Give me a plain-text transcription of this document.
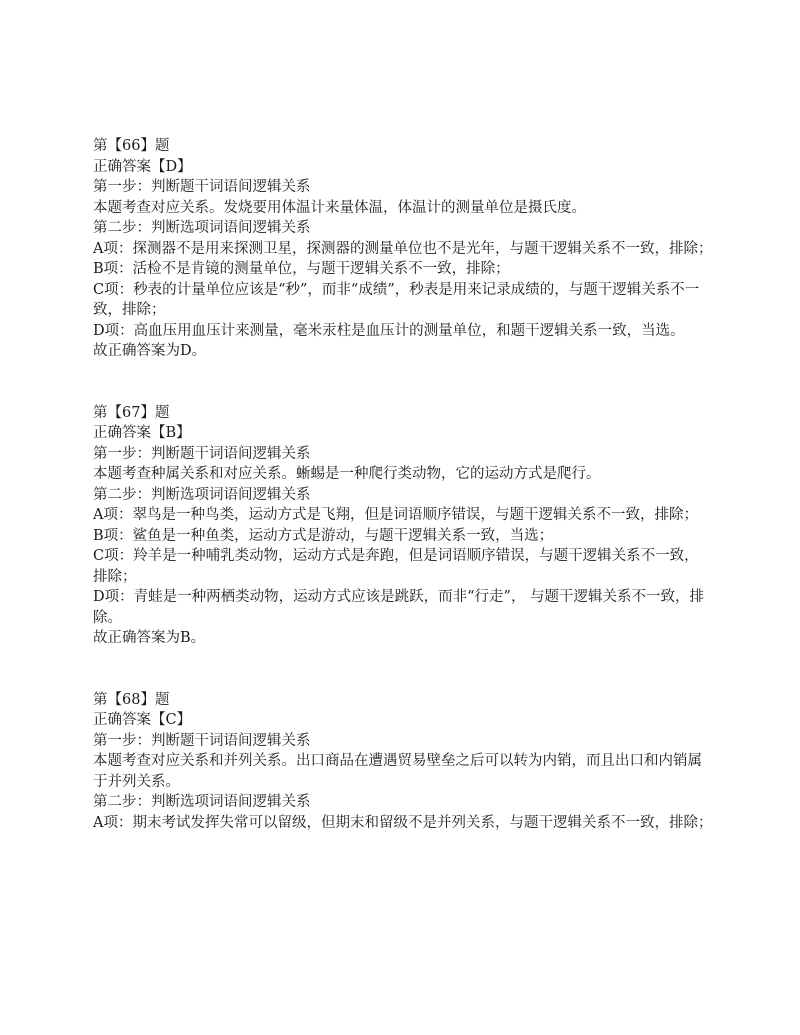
第【66】题

正确答案【D】

第一步：判断题干词语间逻辑关系

本题考查对应关系。发烧要用体温计来量体温，体温计的测量单位是摄氏度。

第二步：判断选项词语间逻辑关系

A项：探测器不是用来探测卫星，探测器的测量单位也不是光年，与题干逻辑关系不一致，排除；

B项：活检不是肯镜的测量单位，与题干逻辑关系不一致，排除；

C项：秒表的计量单位应该是“秒”，而非“成绩”，秒表是用来记录成绩的，与题干逻辑关系不一致，排除；

D项：高血压用血压计来测量，毫米汞柱是血压计的测量单位，和题干逻辑关系一致，当选。

故正确答案为D。

第【67】题

正确答案【B】

第一步：判断题干词语间逻辑关系

本题考查种属关系和对应关系。蜥蜴是一种爬行类动物，它的运动方式是爬行。

第二步：判断选项词语间逻辑关系

A项：翠鸟是一种鸟类，运动方式是飞翔，但是词语顺序错误，与题干逻辑关系不一致，排除；

B项：鲨鱼是一种鱼类，运动方式是游动，与题干逻辑关系一致，当选；

C项：羚羊是一种哺乳类动物，运动方式是奔跑，但是词语顺序错误，与题干逻辑关系不一致，排除；

D项：青蛙是一种两栖类动物，运动方式应该是跳跃，而非“行走”， 与题干逻辑关系不一致，排除。

故正确答案为B。

第【68】题

正确答案【C】

第一步：判断题干词语间逻辑关系

本题考查对应关系和并列关系。出口商品在遭遇贸易壁垒之后可以转为内销，而且出口和内销属于并列关系。

第二步：判断选项词语间逻辑关系

A项：期末考试发挥失常可以留级，但期末和留级不是并列关系，与题干逻辑关系不一致，排除；
